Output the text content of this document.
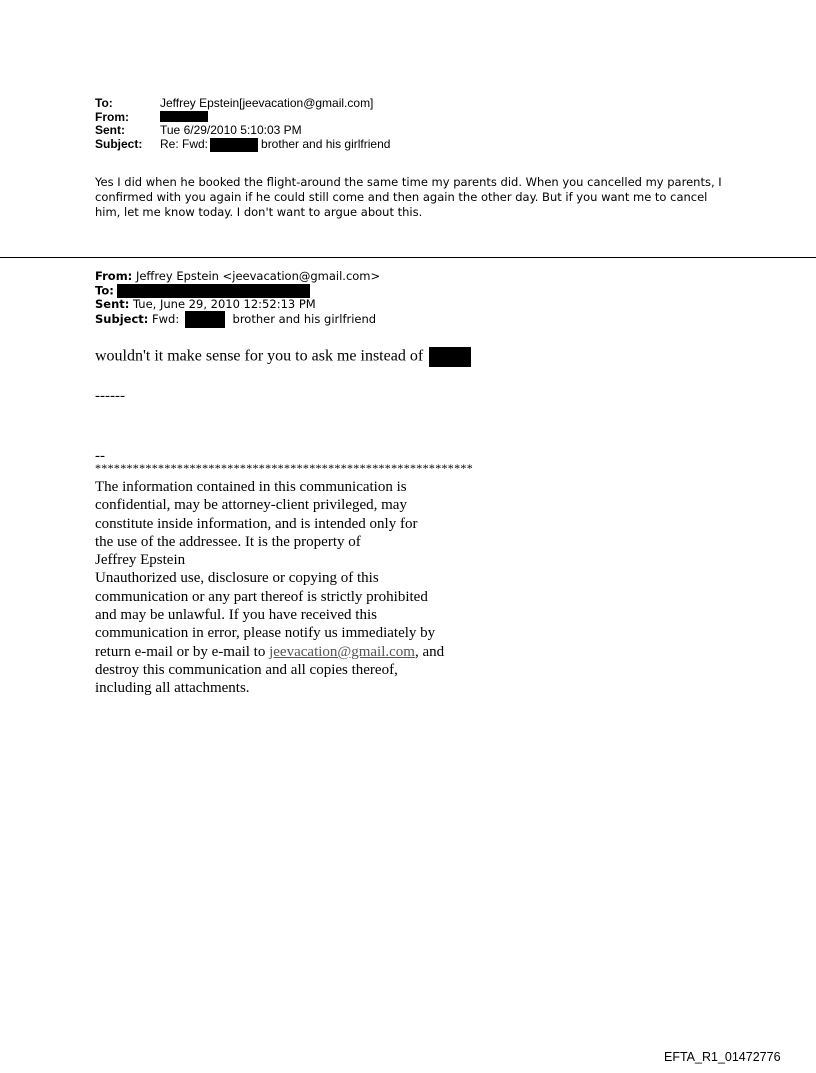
To:	Jeffrey Epstein[jeevacation@gmail.com]
From:
Sent:	Tue 6/29/2010 5:10:03 PM
Subject:	Re: Fwd:	brother and his girlfriend
Yes I did when he booked the flight-around the same time my parents did. When you cancelled my parents, I confirmed with you again if he could still come and then again the other day. But if you want me to cancel him, let me know today. I don't want to argue about this.
From: Jeffrey Epstein <jeevacation@gmail.com>
To:
Sent: Tue, June 29, 2010 12:52:13 PM
Subject: Fwd:	brother and his girlfriend
wouldn't it make sense for you to ask me instead of
------
--
************************************************************
The information contained in this communication is
confidential, may be attorney-client privileged, may
constitute inside information, and is intended only for
the use of the addressee. It is the property of
Jeffrey Epstein
Unauthorized use, disclosure or copying of this
communication or any part thereof is strictly prohibited
and may be unlawful. If you have received this
communication in error, please notify us immediately by
return e-mail or by e-mail to jeevacation@gmail.com, and
destroy this communication and all copies thereof,
including all attachments.
EFTA_R1_01472776
